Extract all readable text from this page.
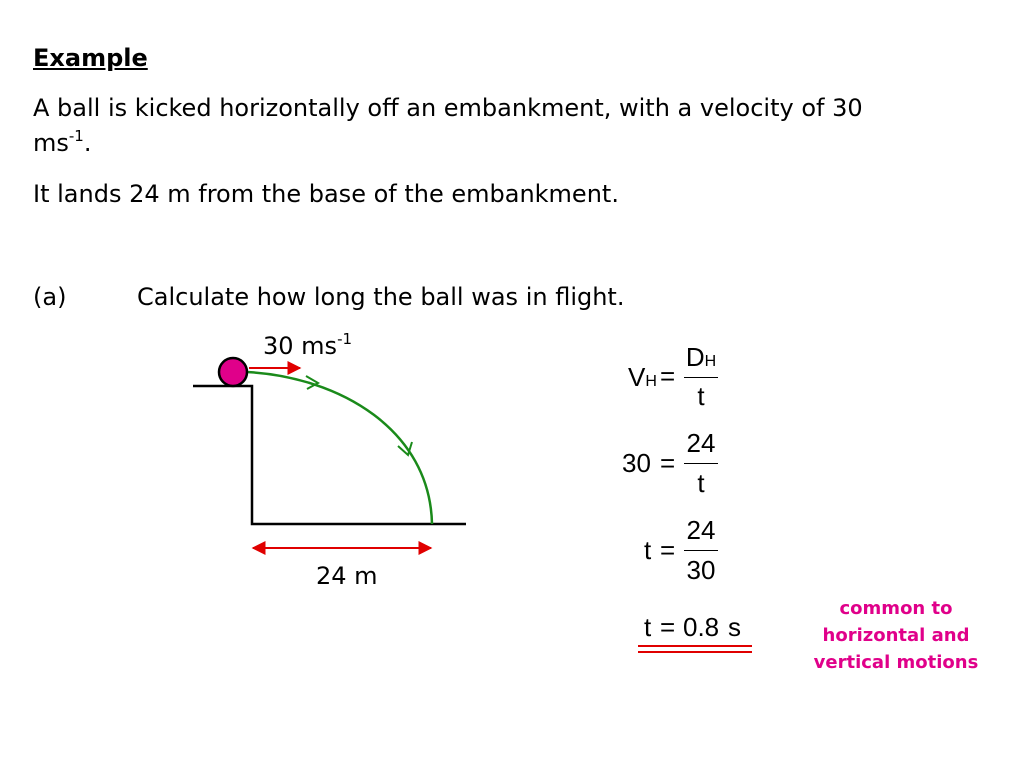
Example
A ball is kicked horizontally off an embankment, with a velocity of 30
$ms^{-1}$.
It lands 24 m from the base of the embankment.
(a)	Calculate how long the ball was in flight.
30 $ms^{-1}$
24 m
VH =
DH
t
30 =
24
t
t =
24
30
t = 0.8 s
common to
horizontal and
vertical motions
